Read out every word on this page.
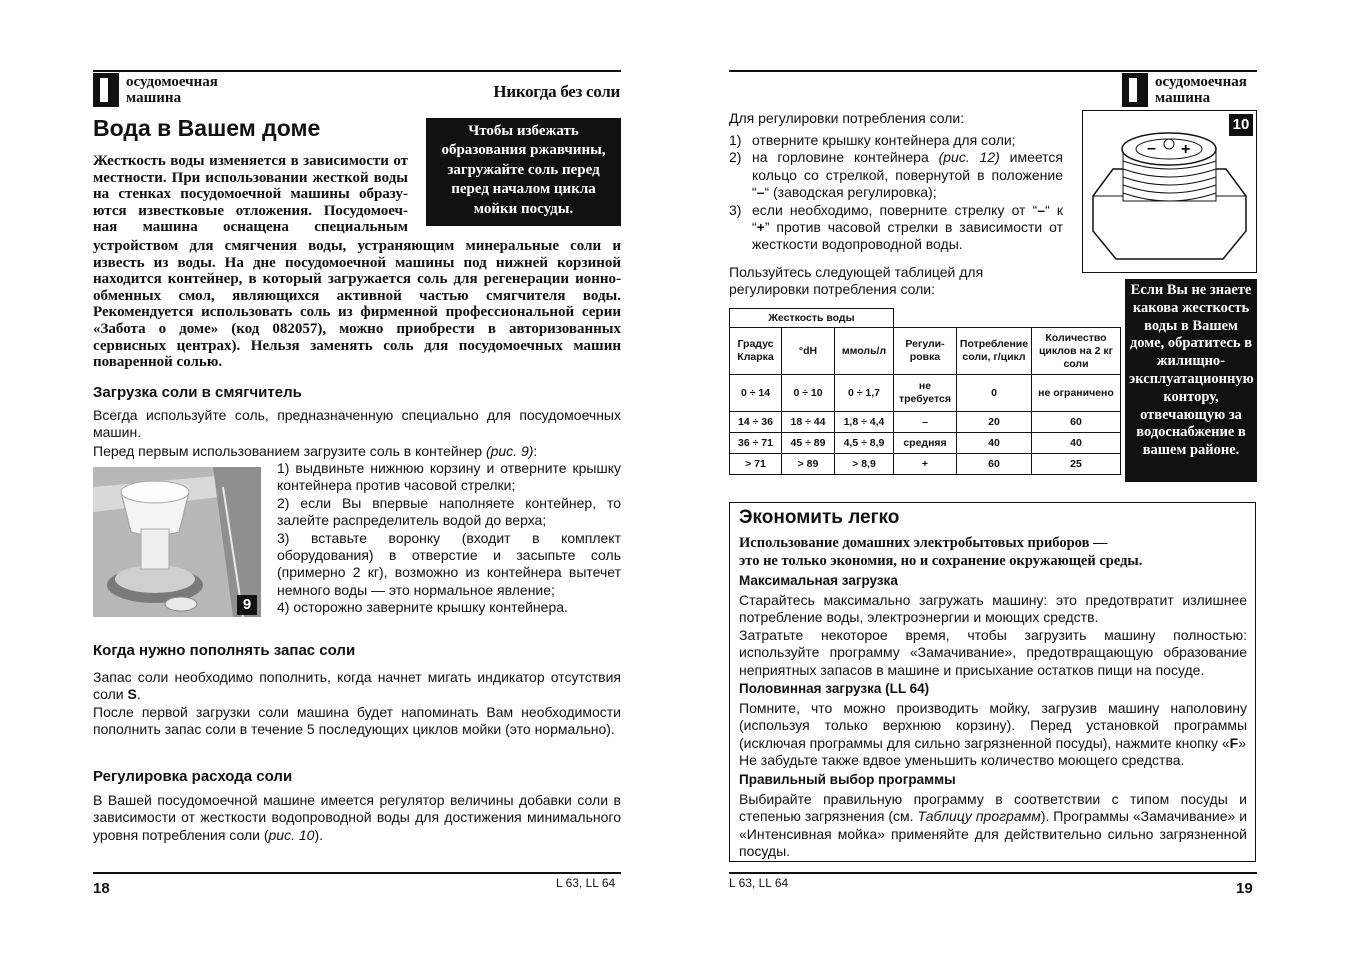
осудомоечная
машина	Никогда без соли
Вода в Вашем доме	Чтобы избежать образования ржавчины, загружайте соль перед перед началом цикла мойки посуды.
Жесткость воды изменяется в зависимости от
местности. При использовании жесткой воды
на стенках посудомоечной машины образу-
ются известковые отложения. Посудомоеч-
ная машина оснащена специальным
устройством для смягчения воды, устраняющим минеральные соли и известь из воды. На дне посудомоечной машины под нижней корзиной находится контейнер, в который загружается соль для регенерации ионно-обменных смол, являющихся активной частью смягчителя воды. Рекомендуется использовать соль из фирменной профессиональной серии «Забота о доме» (код 082057), можно приобрести в авторизованных сервисных центрах). Нельзя заменять соль для посудомоечных машин поваренной солью.
Загрузка соли в смягчитель
Всегда используйте соль, предназначенную специально для посудомоечных машин.
Перед первым использованием загрузите соль в контейнер (рис. 9):
9
1) выдвиньте нижнюю корзину и отверните крышку контейнера против часовой стрелки;
2) если Вы впервые наполняете контейнер, то залейте распределитель водой до верха;
3) вставьте воронку (входит в комплект оборудования) в отверстие и засыпьте соль (примерно 2 кг), возможно из контейнера вытечет немного воды — это нормальное явление;
4) осторожно заверните крышку контейнера.
Когда нужно пополнять запас соли
Запас соли необходимо пополнить, когда начнет мигать индикатор отсутствия соли S.
После первой загрузки соли машина будет напоминать Вам необходимости пополнить запас соли в течение 5 последующих циклов мойки (это нормально).
Регулировка расхода соли
В Вашей посудомоечной машине имеется регулятор величины добавки соли в зависимости от жесткости водопроводной воды для достижения минимального уровня потребления соли (рис. 10).
18	L 63, LL 64
осудомоечная
машина
Для регулировки потребления соли:
1) отверните крышку контейнера для соли;
2) на горловине контейнера (рис. 12) имеется кольцо со стрелкой, повернутой в положение “–“ (заводская регулировка);
3) если необходимо, поверните стрелку от “–“ к “+” против часовой стрелки в зависимости от жесткости водопроводной воды.
Пользуйтесь следующей таблицей для регулировки потребления соли:
– +
10
Жесткость воды					
Градус Кларка	°dH	ммоль/л	Регули-ровка	Потребление соли, г/цикл	Количество циклов на 2 кг соли
0 ÷ 14	0 ÷ 10	0 ÷ 1,7	не требуется	0	не ограничено
14 ÷ 36	18 ÷ 44	1,8 ÷ 4,4	–	20	60
36 ÷ 71	45 ÷ 89	4,5 ÷ 8,9	средняя	40	40
> 71	> 89	> 8,9	+	60	25
Если Вы не знаете какова жесткость воды в Вашем доме, обратитесь в жилищно-эксплуатационную контору, отвечающую за водоснабжение в вашем районе.
Экономить легко
Использование домашних электробытовых приборов —
это не только экономия, но и сохранение окружающей среды.
Максимальная загрузка
Старайтесь максимально загружать машину: это предотвратит излишнее потребление воды, электроэнергии и моющих средств.
Затратьте некоторое время, чтобы загрузить машину полностью: используйте программу «Замачивание», предотвращающую образование неприятных запасов в машине и присыхание остатков пищи на посуде.
Половинная загрузка (LL 64)
Помните, что можно производить мойку, загрузив машину наполовину (используя только верхнюю корзину). Перед установкой программы (исключая программы для сильно загрязненной посуды), нажмите кнопку «F»
Не забудьте также вдвое уменьшить количество моющего средства.
Правильный выбор программы
Выбирайте правильную программу в соответствии с типом посуды и степенью загрязнения (см. Таблицу программ). Программы «Замачивание» и «Интенсивная мойка» применяйте для действительно сильно загрязненной посуды.
L 63, LL 64	19
